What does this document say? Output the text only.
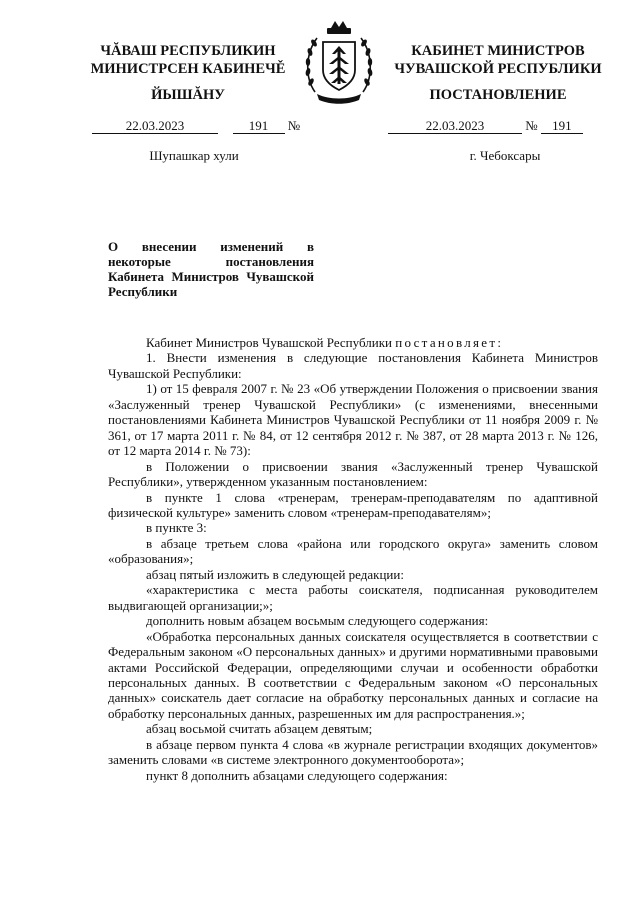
ЧĂВАШ РЕСПУБЛИКИН
МИНИСТРСЕН КАБИНЕЧĚ
КАБИНЕТ МИНИСТРОВ
ЧУВАШСКОЙ РЕСПУБЛИКИ
ЙЫШĂНУ	ПОСТАНОВЛЕНИЕ
22.03.2023	191 №	22.03.2023	№ 191
Шупашкар хули	г. Чебоксары
О внесении изменений в некоторые постановления Кабинета Министров Чувашской Республики

Кабинет Министров Чувашской Республики постановляет:

1. Внести изменения в следующие постановления Кабинета Министров Чувашской Республики:

1) от 15 февраля 2007 г. № 23 «Об утверждении Положения о присвоении звания «Заслуженный тренер Чувашской Республики» (с изменениями, внесенными постановлениями Кабинета Министров Чувашской Республики от 11 ноября 2009 г. № 361, от 17 марта 2011 г. № 84, от 12 сентября 2012 г. № 387, от 28 марта 2013 г. № 126, от 12 марта 2014 г. № 73):

в Положении о присвоении звания «Заслуженный тренер Чувашской Республики», утвержденном указанным постановлением:

в пункте 1 слова «тренерам, тренерам-преподавателям по адаптивной физической культуре» заменить словом «тренерам-преподавателям»;

в пункте 3:

в абзаце третьем слова «района или городского округа» заменить словом «образования»;

абзац пятый изложить в следующей редакции:

«характеристика с места работы соискателя, подписанная руководителем выдвигающей организации;»;

дополнить новым абзацем восьмым следующего содержания:

«Обработка персональных данных соискателя осуществляется в соответствии с Федеральным законом «О персональных данных» и другими нормативными правовыми актами Российской Федерации, определяющими случаи и особенности обработки персональных данных. В соответствии с Федеральным законом «О персональных данных» соискатель дает согласие на обработку персональных данных и согласие на обработку персональных данных, разрешенных им для распространения.»;

абзац восьмой считать абзацем девятым;

в абзаце первом пункта 4 слова «в журнале регистрации входящих документов» заменить словами «в системе электронного документооборота»;

пункт 8 дополнить абзацами следующего содержания:
